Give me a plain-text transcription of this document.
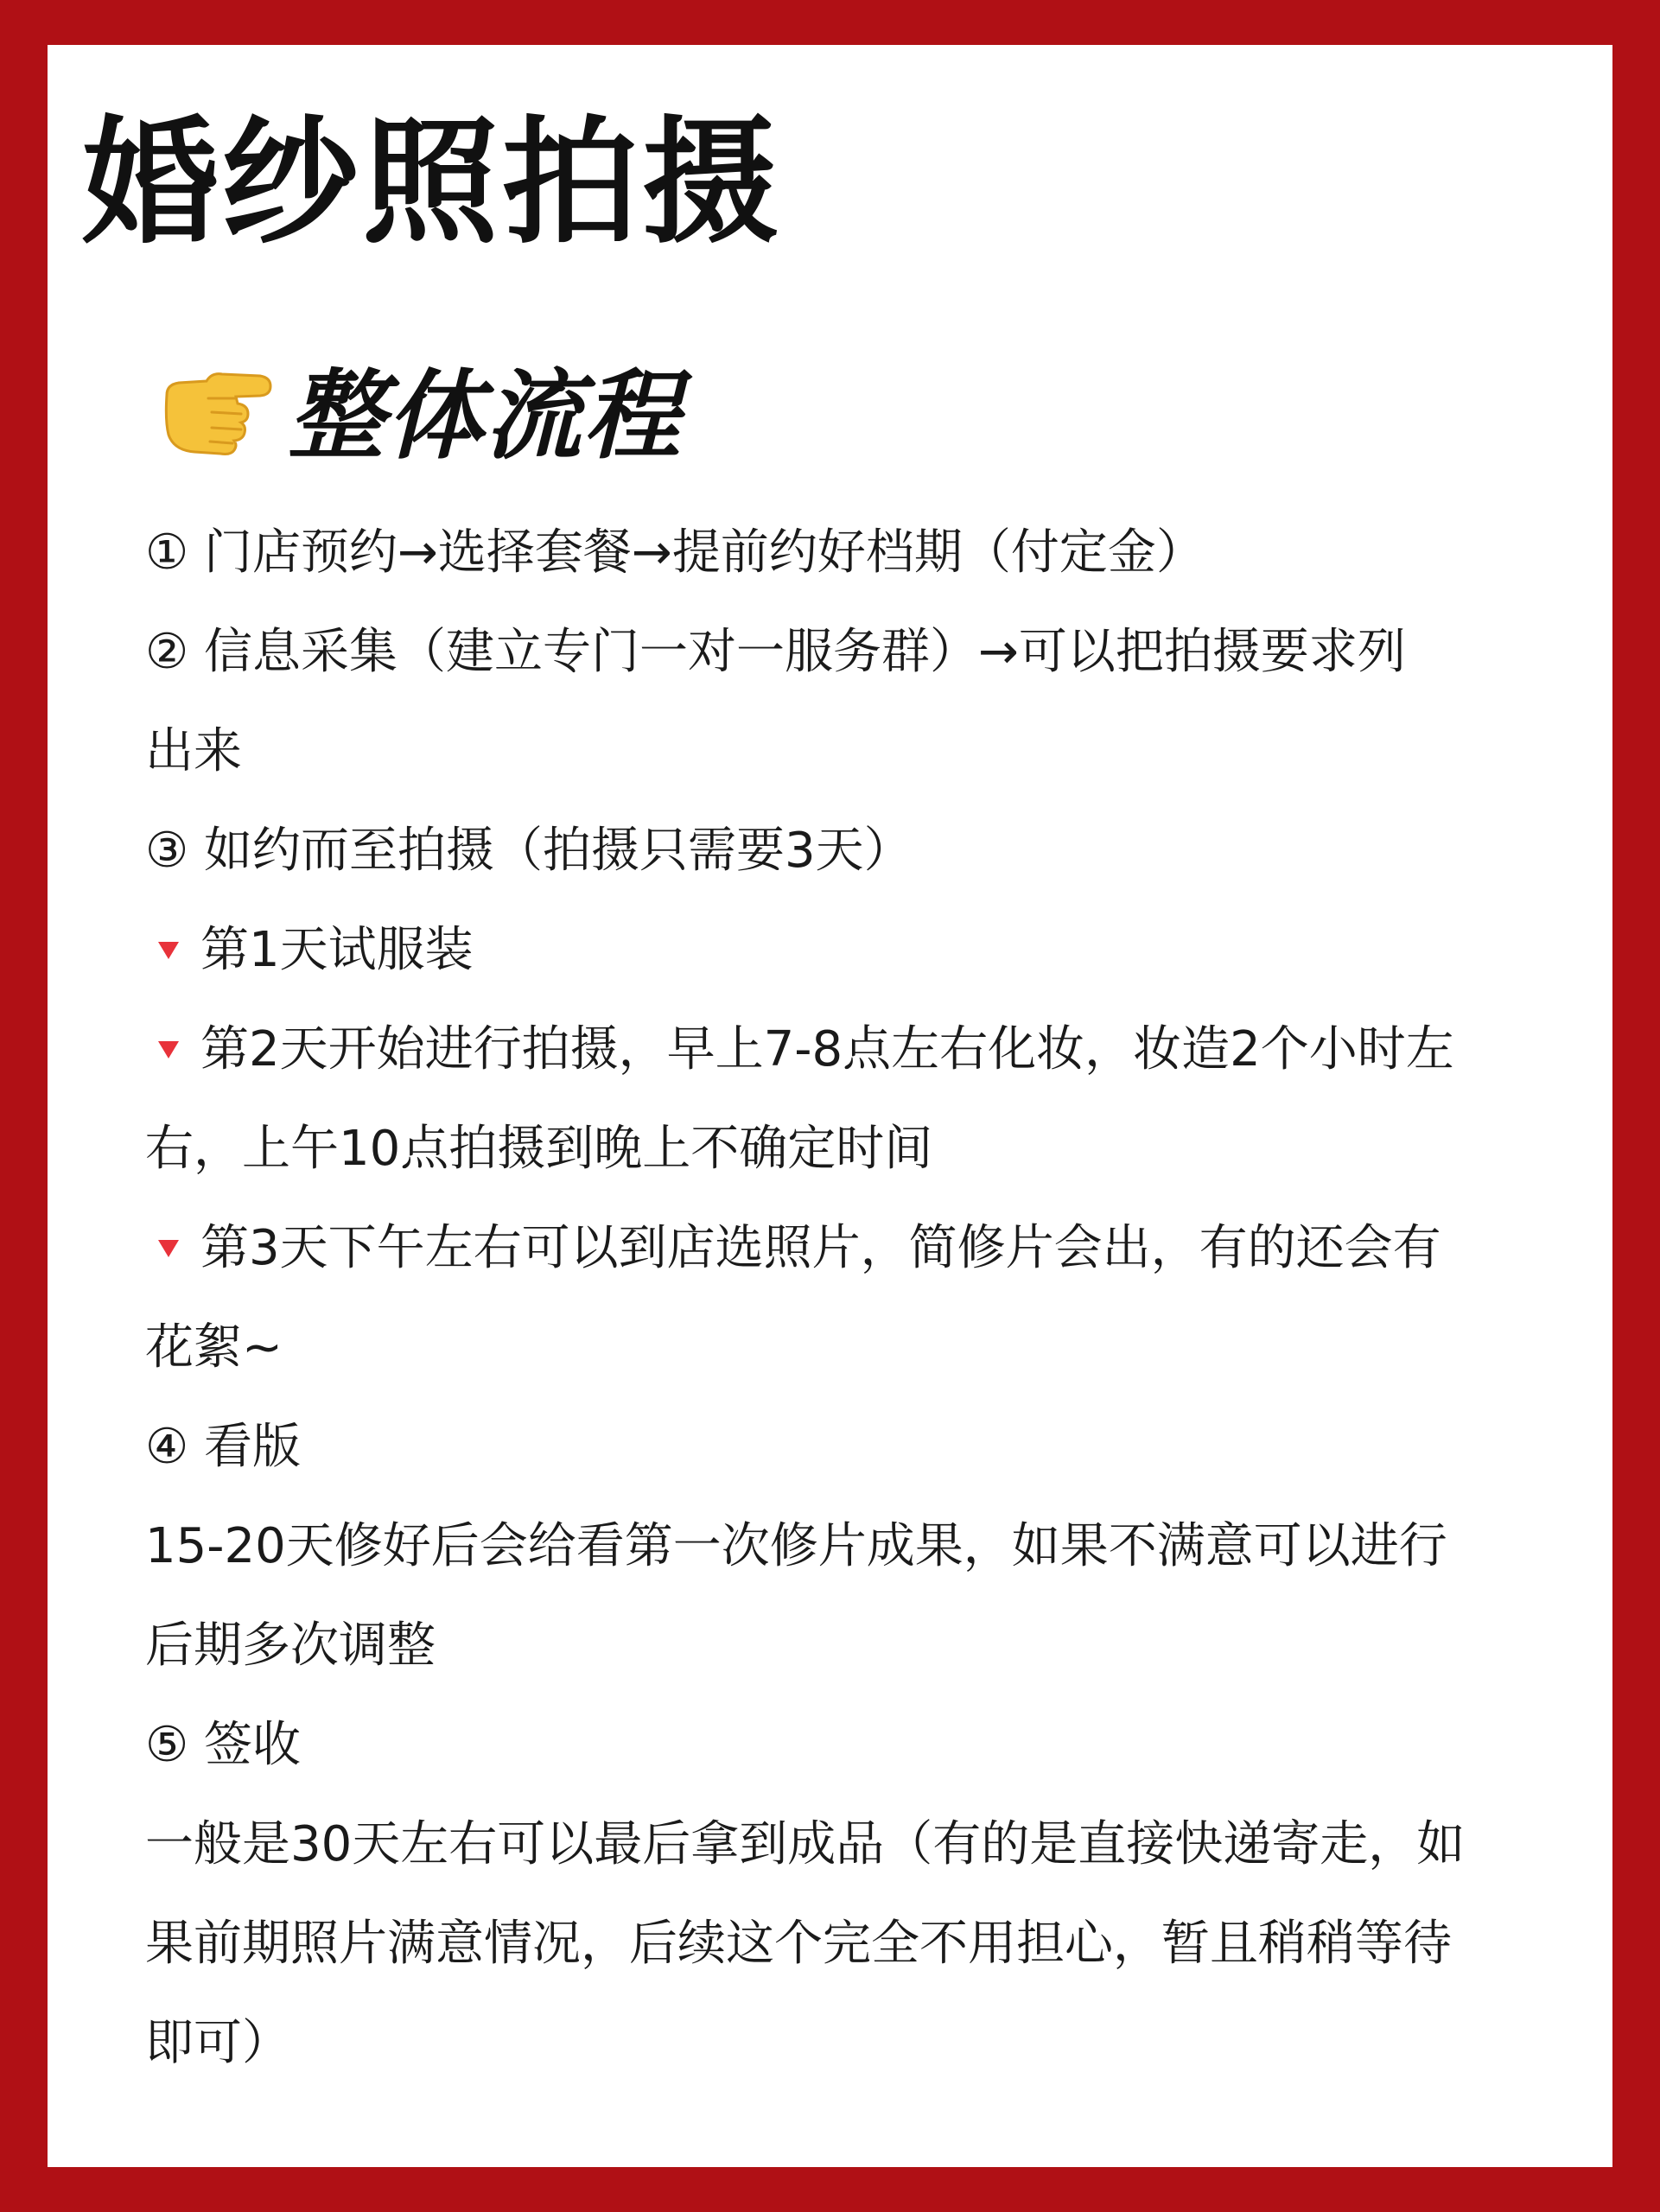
婚纱照拍摄
整体流程
① 门店预约→选择套餐→提前约好档期（付定金）
② 信息采集（建立专门一对一服务群）→可以把拍摄要求列
出来
③ 如约而至拍摄（拍摄只需要3天）
第1天试服装
第2天开始进行拍摄，早上7-8点左右化妆，妆造2个小时左
右，上午10点拍摄到晚上不确定时间
第3天下午左右可以到店选照片，简修片会出，有的还会有
花絮~
④ 看版
15-20天修好后会给看第一次修片成果，如果不满意可以进行
后期多次调整
⑤ 签收
一般是30天左右可以最后拿到成品（有的是直接快递寄走，如
果前期照片满意情况，后续这个完全不用担心，暂且稍稍等待
即可）
